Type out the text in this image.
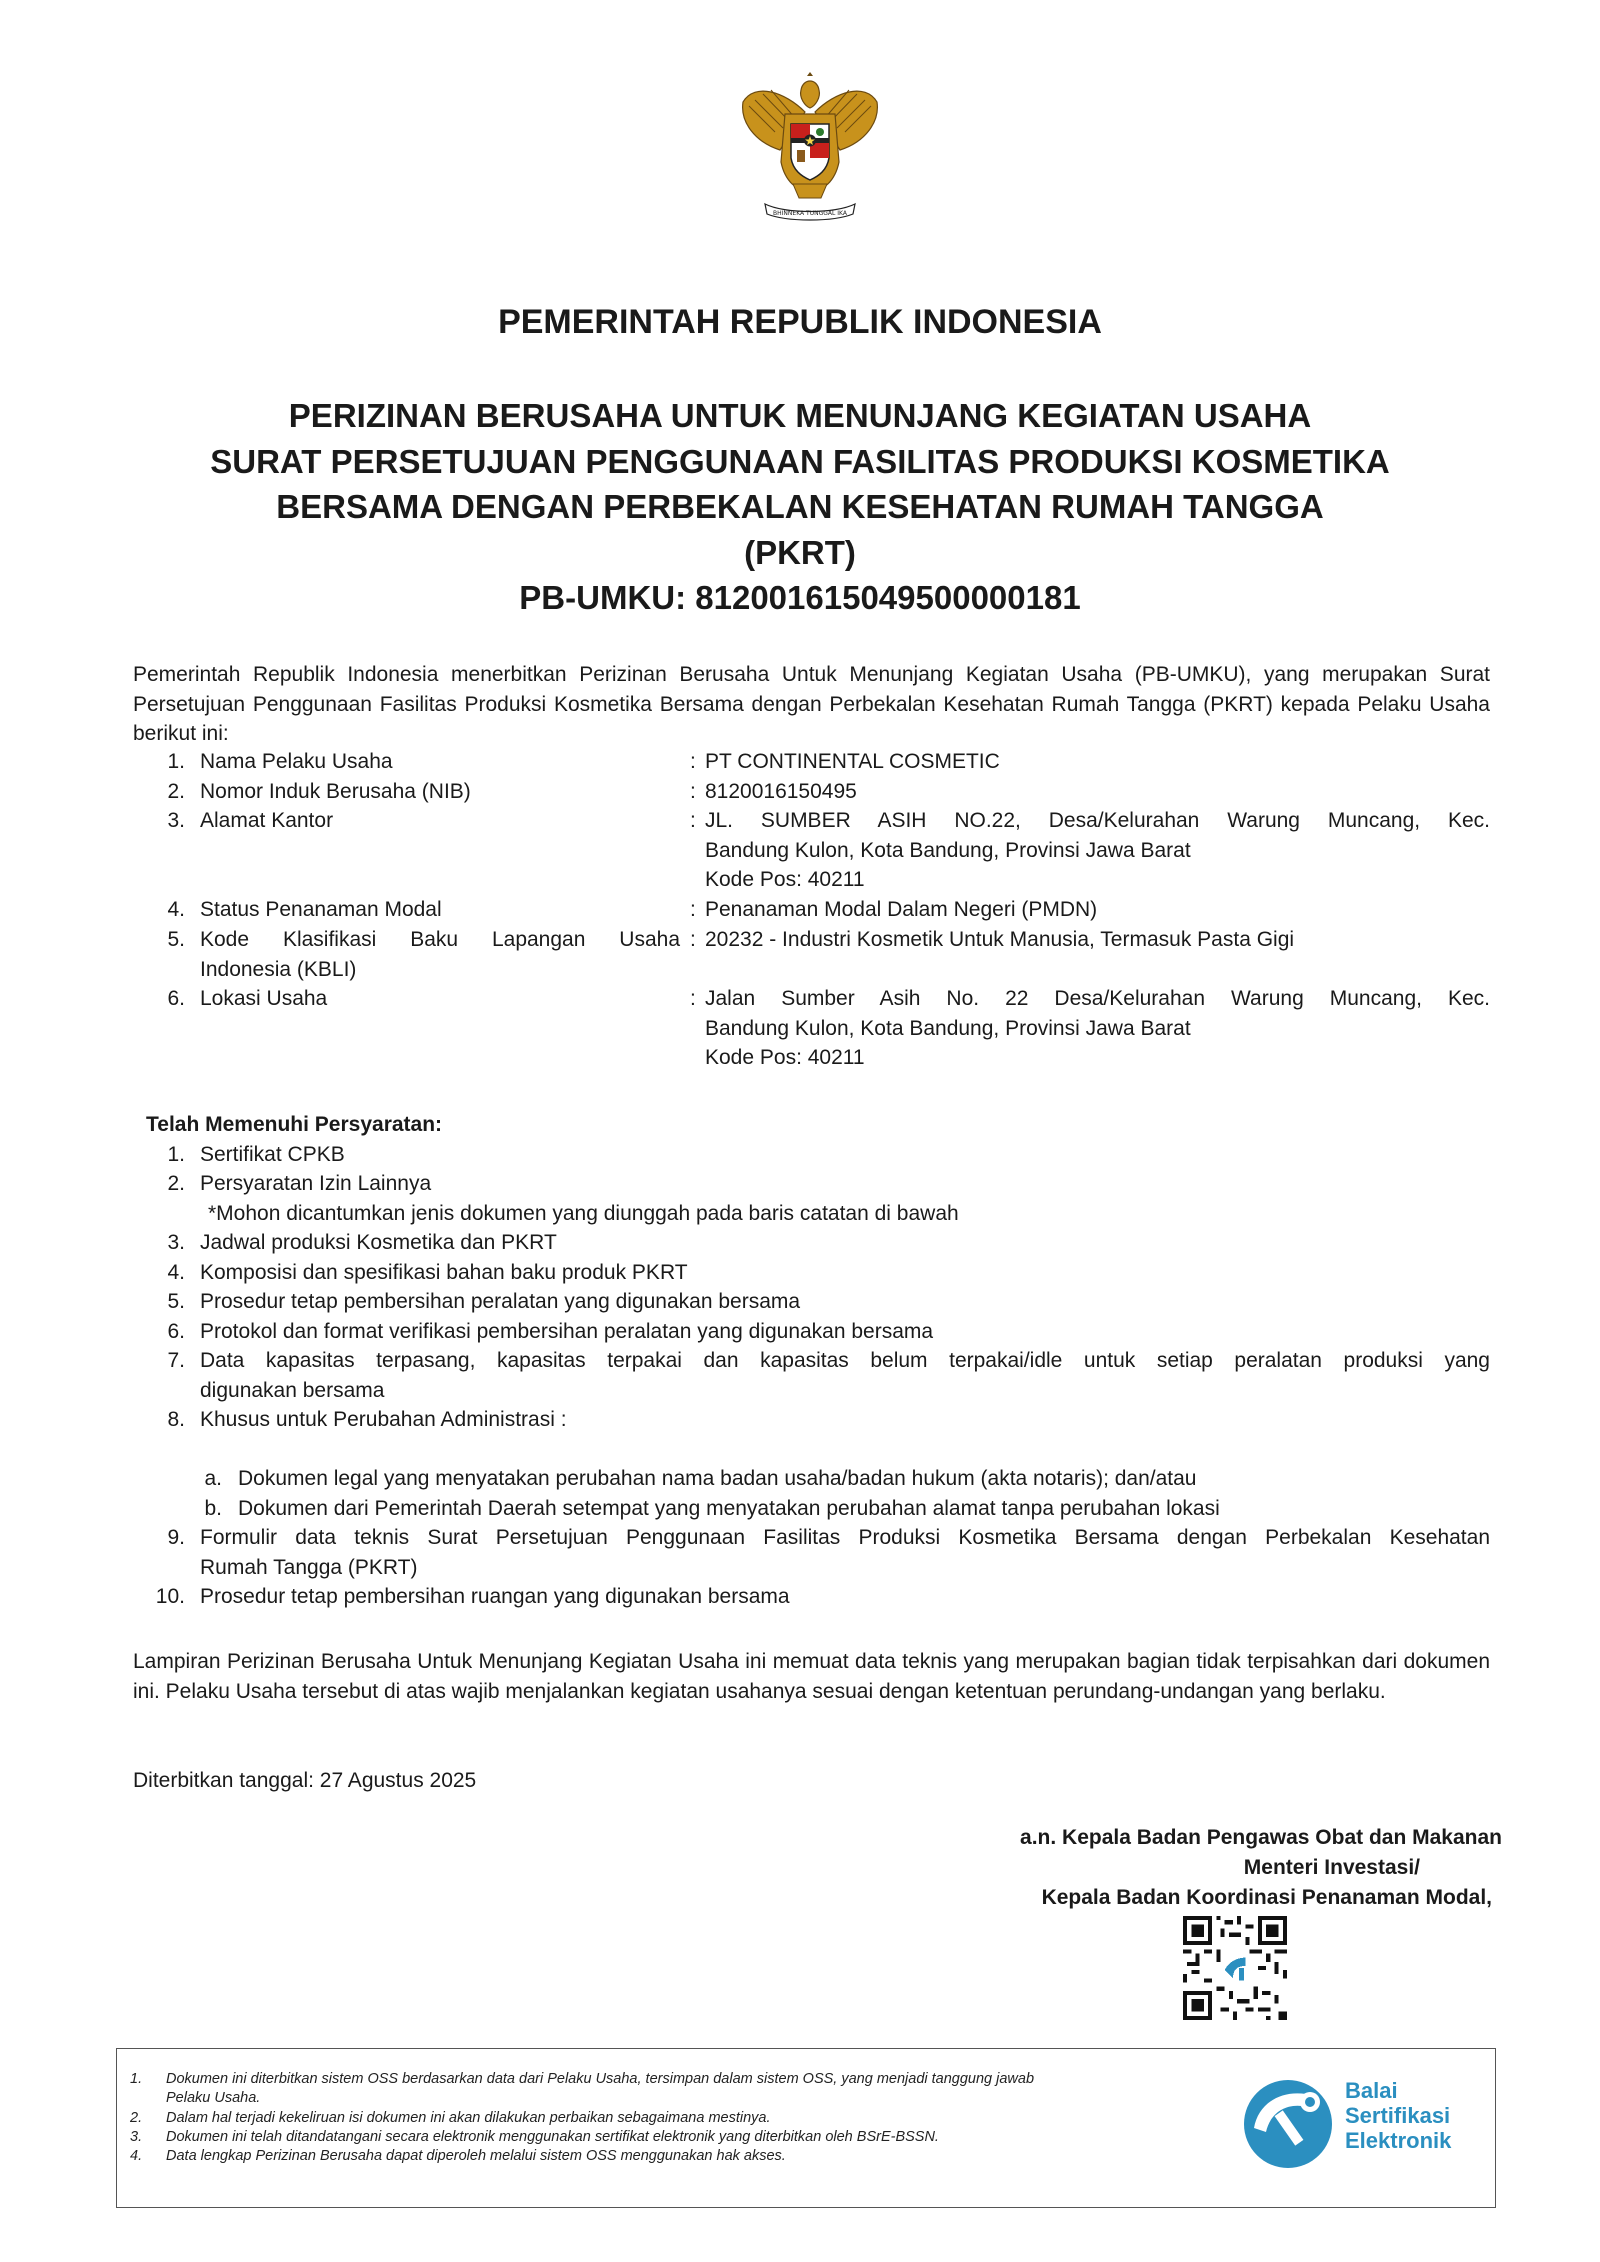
BHINNEKA TUNGGAL IKA
PEMERINTAH REPUBLIK INDONESIA
PERIZINAN BERUSAHA UNTUK MENUNJANG KEGIATAN USAHA
SURAT PERSETUJUAN PENGGUNAAN FASILITAS PRODUKSI KOSMETIKA
BERSAMA DENGAN PERBEKALAN KESEHATAN RUMAH TANGGA
(PKRT)
PB-UMKU: 812001615049500000181
Pemerintah Republik Indonesia menerbitkan Perizinan Berusaha Untuk Menunjang Kegiatan Usaha (PB-UMKU), yang merupakan Surat Persetujuan Penggunaan Fasilitas Produksi Kosmetika Bersama dengan Perbekalan Kesehatan Rumah Tangga (PKRT) kepada Pelaku Usaha berikut ini:
1. Nama Pelaku Usaha	: PT CONTINENTAL COSMETIC
2. Nomor Induk Berusaha (NIB)	: 8120016150495
3. Alamat Kantor	: JL. SUMBER ASIH NO.22, Desa/Kelurahan Warung Muncang, Kec.
Bandung Kulon, Kota Bandung, Provinsi Jawa Barat
Kode Pos: 40211
4. Status Penanaman Modal	: Penanaman Modal Dalam Negeri (PMDN)
5. Kode Klasifikasi Baku Lapangan Usaha
Indonesia (KBLI)
: 20232 - Industri Kosmetik Untuk Manusia, Termasuk Pasta Gigi
6. Lokasi Usaha	: Jalan Sumber Asih No. 22 Desa/Kelurahan Warung Muncang, Kec.
Bandung Kulon, Kota Bandung, Provinsi Jawa Barat
Kode Pos: 40211
Telah Memenuhi Persyaratan:
1. Sertifikat CPKB
2. Persyaratan Izin Lainnya
*Mohon dicantumkan jenis dokumen yang diunggah pada baris catatan di bawah
3. Jadwal produksi Kosmetika dan PKRT
4. Komposisi dan spesifikasi bahan baku produk PKRT
5. Prosedur tetap pembersihan peralatan yang digunakan bersama
6. Protokol dan format verifikasi pembersihan peralatan yang digunakan bersama
7. Data kapasitas terpasang, kapasitas terpakai dan kapasitas belum terpakai/idle untuk setiap peralatan produksi yang
digunakan bersama
8. Khusus untuk Perubahan Administrasi :
a. Dokumen legal yang menyatakan perubahan nama badan usaha/badan hukum (akta notaris); dan/atau
b. Dokumen dari Pemerintah Daerah setempat yang menyatakan perubahan alamat tanpa perubahan lokasi
9. Formulir data teknis Surat Persetujuan Penggunaan Fasilitas Produksi Kosmetika Bersama dengan Perbekalan Kesehatan
Rumah Tangga (PKRT)
10. Prosedur tetap pembersihan ruangan yang digunakan bersama
Lampiran Perizinan Berusaha Untuk Menunjang Kegiatan Usaha ini memuat data teknis yang merupakan bagian tidak terpisahkan dari dokumen ini. Pelaku Usaha tersebut di atas wajib menjalankan kegiatan usahanya sesuai dengan ketentuan perundang-undangan yang berlaku.
Diterbitkan tanggal: 27 Agustus 2025
a.n. Kepala Badan Pengawas Obat dan Makanan
Menteri Investasi/
Kepala Badan Koordinasi Penanaman Modal,
1.	Dokumen ini diterbitkan sistem OSS berdasarkan data dari Pelaku Usaha, tersimpan dalam sistem OSS, yang menjadi tanggung jawab
Pelaku Usaha.
2.	Dalam hal terjadi kekeliruan isi dokumen ini akan dilakukan perbaikan sebagaimana mestinya.
3.	Dokumen ini telah ditandatangani secara elektronik menggunakan sertifikat elektronik yang diterbitkan oleh BSrE-BSSN.
4.	Data lengkap Perizinan Berusaha dapat diperoleh melalui sistem OSS menggunakan hak akses.
Balai
Sertifikasi
Elektronik
